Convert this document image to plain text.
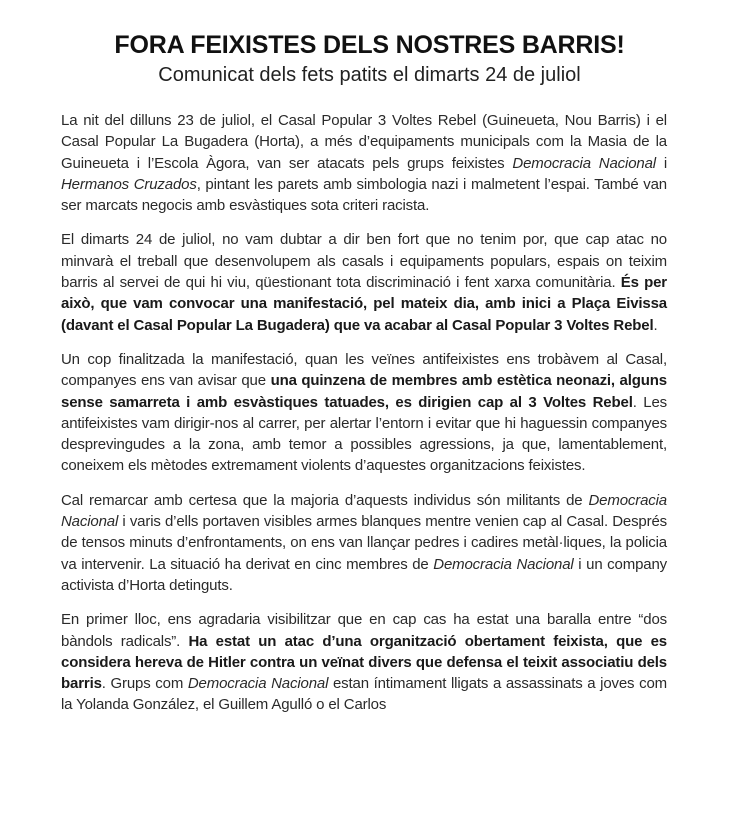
FORA FEIXISTES DELS NOSTRES BARRIS!
Comunicat dels fets patits el dimarts 24 de juliol

La nit del dilluns 23 de juliol, el Casal Popular 3 Voltes Rebel (Guineueta, Nou Barris) i el Casal Popular La Bugadera (Horta), a més d’equipaments municipals com la Masia de la Guineueta i l’Escola Àgora, van ser atacats pels grups feixistes Democracia Nacional i Hermanos Cruzados, pintant les parets amb simbologia nazi i malmetent l’espai. També van ser marcats negocis amb esvàstiques sota criteri racista.

El dimarts 24 de juliol, no vam dubtar a dir ben fort que no tenim por, que cap atac no minvarà el treball que desenvolupem als casals i equipaments populars, espais on teixim barris al servei de qui hi viu, qüestionant tota discriminació i fent xarxa comunitària. És per això, que vam convocar una manifestació, pel mateix dia, amb inici a Plaça Eivissa (davant el Casal Popular La Bugadera) que va acabar al Casal Popular 3 Voltes Rebel.

Un cop finalitzada la manifestació, quan les veïnes antifeixistes ens trobàvem al Casal, companyes ens van avisar que una quinzena de membres amb estètica neonazi, alguns sense samarreta i amb esvàstiques tatuades, es dirigien cap al 3 Voltes Rebel. Les antifeixistes vam dirigir-nos al carrer, per alertar l’entorn i evitar que hi haguessin companyes desprevingudes a la zona, amb temor a possibles agressions, ja que, lamentablement, coneixem els mètodes extremament violents d’aquestes organitzacions feixistes.

Cal remarcar amb certesa que la majoria d’aquests individus són militants de Democracia Nacional i varis d’ells portaven visibles armes blanques mentre venien cap al Casal. Després de tensos minuts d’enfrontaments, on ens van llançar pedres i cadires metàl·liques, la policia va intervenir. La situació ha derivat en cinc membres de Democracia Nacional i un company activista d’Horta detinguts.

En primer lloc, ens agradaria visibilitzar que en cap cas ha estat una baralla entre “dos bàndols radicals”. Ha estat un atac d’una organització obertament feixista, que es considera hereva de Hitler contra un veïnat divers que defensa el teixit associatiu dels barris. Grups com Democracia Nacional estan íntimament lligats a assassinats a joves com la Yolanda González, el Guillem Agulló o el Carlos
